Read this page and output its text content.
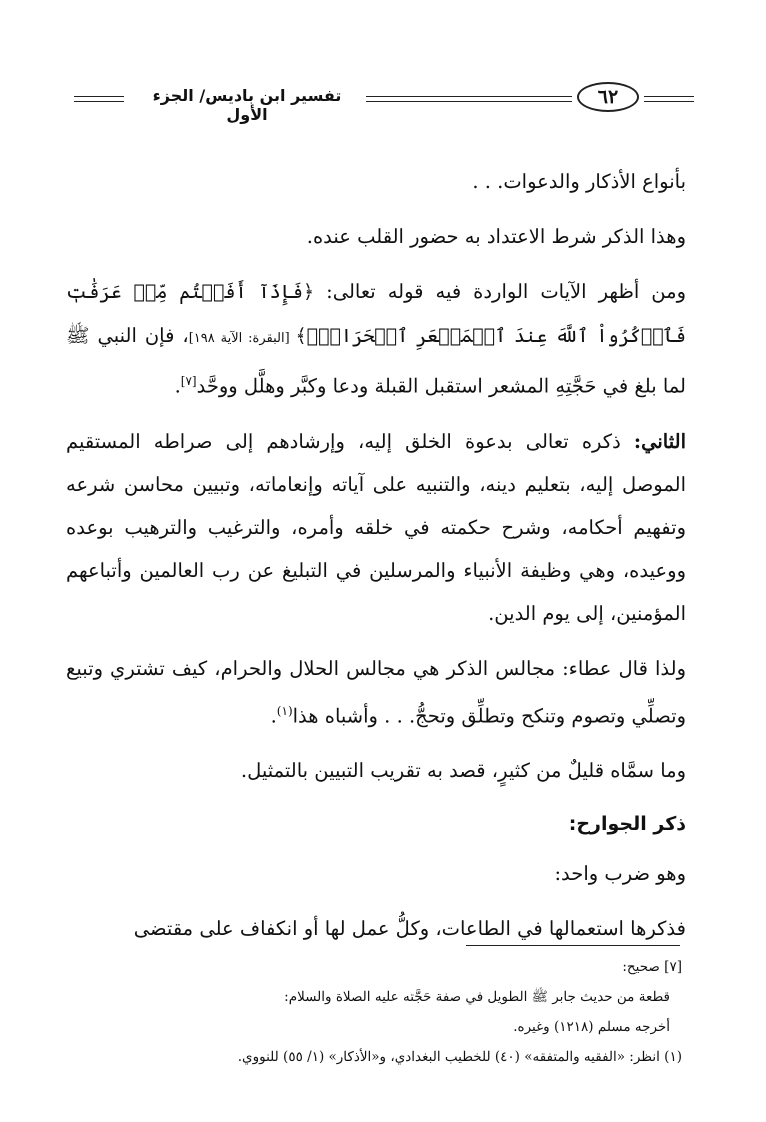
تفسير ابن باديس/ الجزء الأول
٦٢

بأنواع الأذكار والدعوات. . .

وهذا الذكر شرط الاعتداد به حضور القلب عنده.

ومن أظهر الآيات الواردة فيه قوله تعالى: ﴿فَإِذَآ أَفَضۡتُم مِّنۡ عَرَفَٰتٖ فَٱذۡكُرُواْ ٱللَّهَ عِندَ ٱلۡمَشۡعَرِ ٱلۡحَرَامِۖ﴾ [البقرة: الآية ١٩٨]، فإن النبي ﷺ لما بلغ في حَجَّتِهِ المشعر استقبل القبلة ودعا وكبَّر وهلَّل ووحَّد[٧].

الثاني: ذكره تعالى بدعوة الخلق إليه، وإرشادهم إلى صراطه المستقيم الموصل إليه، بتعليم دينه، والتنبيه على آياته وإنعاماته، وتبيين محاسن شرعه وتفهيم أحكامه، وشرح حكمته في خلقه وأمره، والترغيب والترهيب بوعده ووعيده، وهي وظيفة الأنبياء والمرسلين في التبليغ عن رب العالمين وأتباعهم المؤمنين، إلى يوم الدين.

ولذا قال عطاء: مجالس الذكر هي مجالس الحلال والحرام، كيف تشتري وتبيع وتصلِّي وتصوم وتنكح وتطلِّق وتحجُّ. . . وأشباه هذا$^{(١)}$.

وما سمَّاه قليلٌ من كثيرٍ، قصد به تقريب التبيين بالتمثيل.

ذكر الجوارح:

وهو ضرب واحد:

فذكرها استعمالها في الطاعات، وكلُّ عمل لها أو انكفاف على مقتضى

[٧] صحيح:

قطعة من حديث جابر ﷺ الطويل في صفة حَجَّته عليه الصلاة والسلام:

أخرجه مسلم (١٢١٨) وغيره.

(١) انظر: «الفقيه والمتفقه» (٤٠) للخطيب البغدادي، و«الأذكار» (١/ ٥٥) للنووي.
